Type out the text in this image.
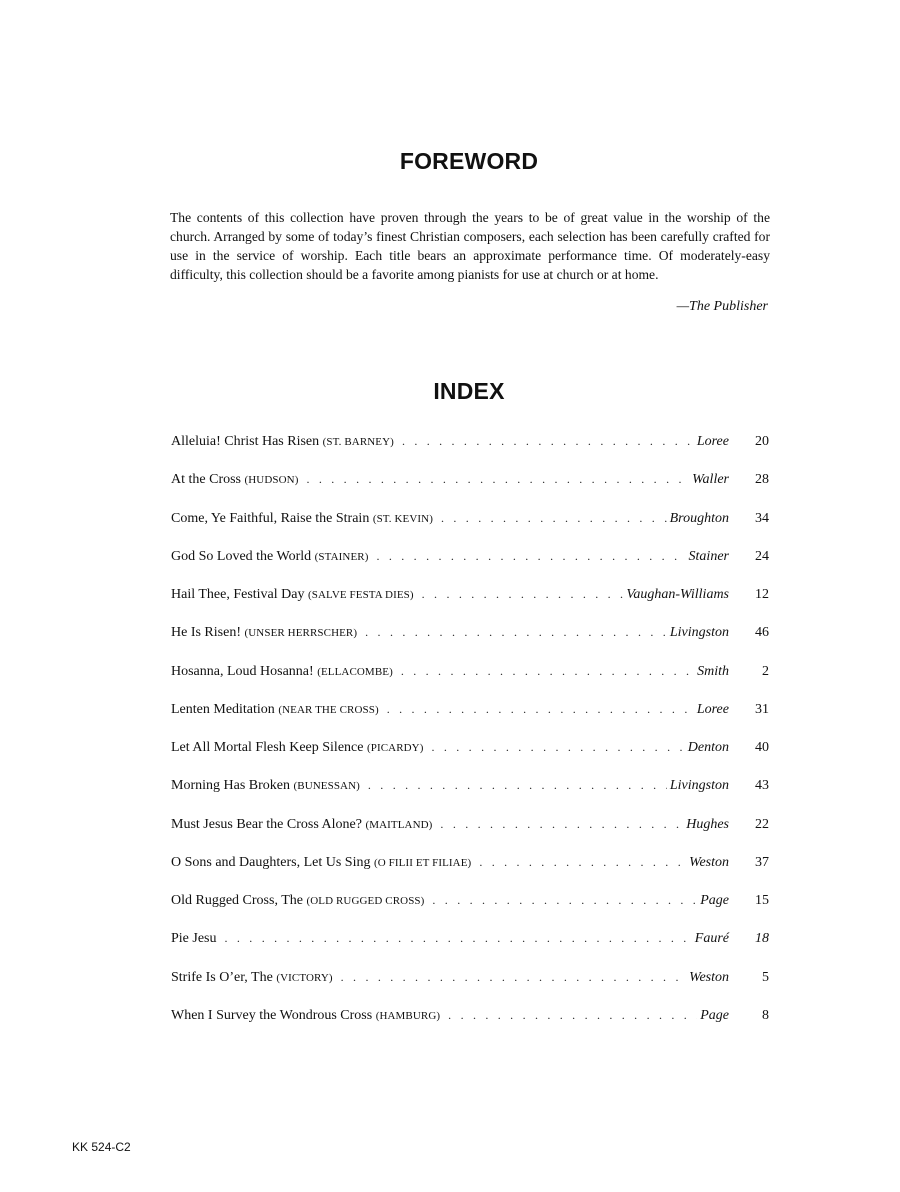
FOREWORD
The contents of this collection have proven through the years to be of great value in the worship of the church. Arranged by some of today’s finest Christian composers, each selection has been carefully crafted for use in the service of worship. Each title bears an approximate performance time. Of moderately-easy difficulty, this collection should be a favorite among pianists for use at church or at home.
—The Publisher
INDEX
Alleluia! Christ Has Risen (ST. BARNEY) . . .	Loree	20
At the Cross (HUDSON) . . .	Waller	28
Come, Ye Faithful, Raise the Strain (ST. KEVIN) . . .	Broughton	34
God So Loved the World (STAINER) . . .	Stainer	24
Hail Thee, Festival Day (SALVE FESTA DIES) . . .	Vaughan-Williams	12
He Is Risen! (UNSER HERRSCHER) . . .	Livingston	46
Hosanna, Loud Hosanna! (ELLACOMBE) . . .	Smith	2
Lenten Meditation (NEAR THE CROSS) . . .	Loree	31
Let All Mortal Flesh Keep Silence (PICARDY) . . .	Denton	40
Morning Has Broken (BUNESSAN) . . .	Livingston	43
Must Jesus Bear the Cross Alone? (MAITLAND) . . .	Hughes	22
O Sons and Daughters, Let Us Sing (O FILII ET FILIAE) . . .	Weston	37
Old Rugged Cross, The (OLD RUGGED CROSS) . . .	Page	15
Pie Jesu . . .	Fauré	18
Strife Is O’er, The (VICTORY) . . .	Weston	5
When I Survey the Wondrous Cross (HAMBURG) . . .	Page	8
KK 524-C2
